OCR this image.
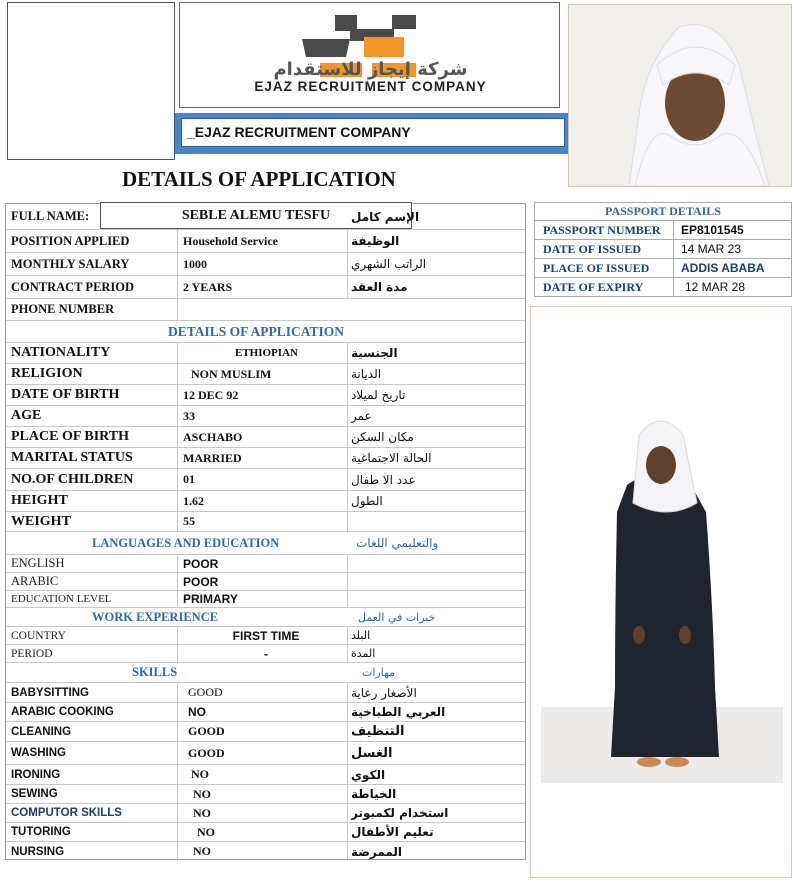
شركة إيجاز للاستقدام
EJAZ RECRUITMENT COMPANY
_EJAZ RECRUITMENT COMPANY
DETAILS OF APPLICATION
FULL NAME:	SEBLE ALEMU TESFU	الإسم كامل
POSITION APPLIED	Household Service	الوظيفة
MONTHLY SALARY	1000	الراتب الشهري
CONTRACT PERIOD	2 YEARS	مدة العقد
PHONE NUMBER
DETAILS OF APPLICATION
NATIONALITY	ETHIOPIAN	الجنسية
RELIGION	NON MUSLIM	الديانة
DATE OF BIRTH	12 DEC 92	تاريخ لميلاد
AGE	33	عمر
PLACE OF BIRTH	ASCHABO	مكان السكن
MARITAL STATUS	MARRIED	الحالة الاجتماغية
NO.OF CHILDREN	01	عدد الا طفال
HEIGHT	1.62	الطول
WEIGHT	55
LANGUAGES AND EDUCATION	والتعليمي اللغات
ENGLISH	POOR
ARABIC	POOR
EDUCATION LEVEL	PRIMARY
WORK EXPERIENCE	خبرات في العمل
COUNTRY	FIRST TIME	البلد
PERIOD	-	المدة
SKILLS	مهارات
BABYSITTING	GOOD	الأصغار رعاية
ARABIC COOKING	NO	العربي الطباخية
CLEANING	GOOD	التنظيف
WASHING	GOOD	الغسل
IRONING	NO	الكوي
SEWING	NO	الخياطة
COMPUTOR SKILLS	NO	استخدام لكمبوتر
TUTORING	NO	تعليم الأطفال
NURSING	NO	الممرضة
PASSPORT DETAILS
PASSPORT NUMBER	EP8101545
DATE OF ISSUED	14 MAR 23
PLACE OF ISSUED	ADDIS ABABA
DATE OF EXPIRY	12 MAR 28
